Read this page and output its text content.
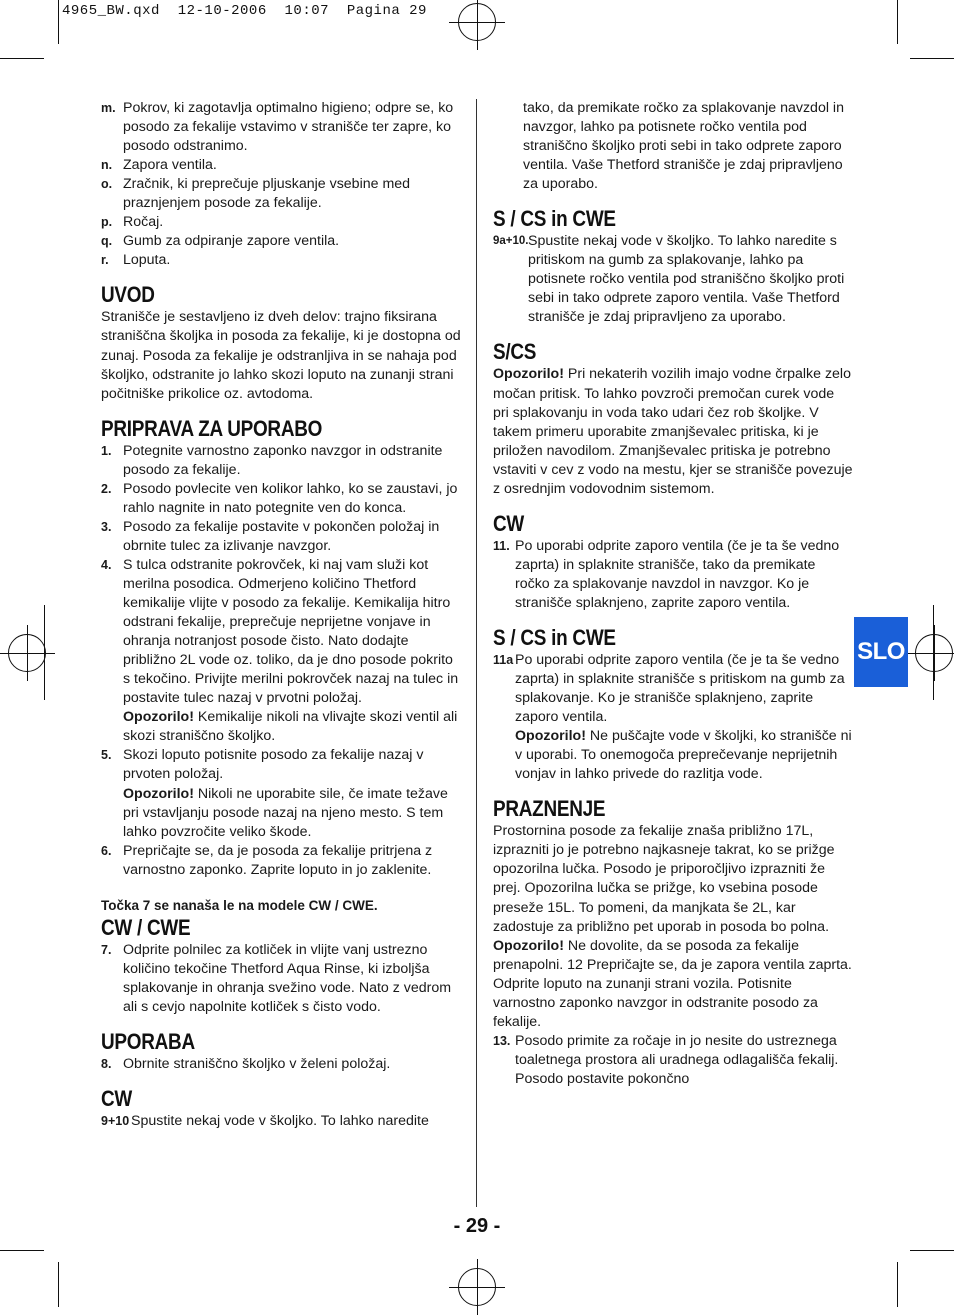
4965_BW.qxd  12-10-2006  10:07  Pagina 29
SLO
m. Pokrov, ki zagotavlja optimalno higieno; odpre se, ko posodo za fekalije vstavimo v stranišče ter zapre, ko posodo odstranimo.
n. Zapora ventila.
o. Zračnik, ki preprečuje pljuskanje vsebine med praznjenjem posode za fekalije.
p. Ročaj.
q. Gumb za odpiranje zapore ventila.
r. Loputa.
UVOD

Stranišče je sestavljeno iz dveh delov: trajno fiksirana straniščna školjka in posoda za fekalije, ki je dostopna od zunaj. Posoda za fekalije je odstranljiva in se nahaja pod školjko, odstranite jo lahko skozi loputo na zunanji strani počitniške prikolice oz. avtodoma.

PRIPRAVA ZA UPORABO
1. Potegnite varnostno zaponko navzgor in odstranite posodo za fekalije.
2. Posodo povlecite ven kolikor lahko, ko se zaustavi, jo rahlo nagnite in nato potegnite ven do konca.
3. Posodo za fekalije postavite v pokončen položaj in obrnite tulec za izlivanje navzgor.
4. S tulca odstranite pokrovček, ki naj vam služi kot merilna posodica. Odmerjeno količino Thetford kemikalije vlijte v posodo za fekalije. Kemikalija hitro odstrani fekalije, preprečuje neprijetne vonjave in ohranja notranjost posode čisto. Nato dodajte približno 2L vode oz. toliko, da je dno posode pokrito s tekočino. Privijte merilni pokrovček nazaj na tulec in postavite tulec nazaj v prvotni položaj.
Opozorilo! Kemikalije nikoli na vlivajte skozi ventil ali skozi straniščno školjko.
5. Skozi loputo potisnite posodo za fekalije nazaj v prvoten položaj.
Opozorilo! Nikoli ne uporabite sile, če imate težave pri vstavljanju posode nazaj na njeno mesto. S tem lahko povzročite veliko škode.
6. Prepričajte se, da je posoda za fekalije pritrjena z varnostno zaponko. Zaprite loputo in jo zaklenite.
Točka 7 se nanaša le na modele CW / CWE.
CW / CWE
7. Odprite polnilec za kotliček in vlijte vanj ustrezno količino tekočine Thetford Aqua Rinse, ki izboljša splakovanje in ohranja svežino vode. Nato z vedrom ali s cevjo napolnite kotliček s čisto vodo.
UPORABA
8. Obrnite straniščno školjko v želeni položaj.
CW
9+10 Spustite nekaj vode v školjko. To lahko naredite
tako, da premikate ročko za splakovanje navzdol in navzgor, lahko pa potisnete ročko ventila pod straniščno školjko proti sebi in tako odprete zaporo ventila. Vaše Thetford stranišče je zdaj pripravljeno za uporabo.
S / CS in CWE
9a+10. Spustite nekaj vode v školjko. To lahko naredite s pritiskom na gumb za splakovanje, lahko pa potisnete ročko ventila pod straniščno školjko proti sebi in tako odprete zaporo ventila. Vaše Thetford stranišče je zdaj pripravljeno za uporabo.
S/CS

Opozorilo! Pri nekaterih vozilih imajo vodne črpalke zelo močan pritisk. To lahko povzroči premočan curek vode pri splakovanju in voda tako udari čez rob školjke. V takem primeru uporabite zmanjševalec pritiska, ki je priložen navodilom. Zmanjševalec pritiska je potrebno vstaviti v cev z vodo na mestu, kjer se stranišče povezuje z osrednjim vodovodnim sistemom.

CW
11. Po uporabi odprite zaporo ventila (če je ta še vedno zaprta) in splaknite stranišče, tako da premikate ročko za splakovanje navzdol in navzgor. Ko je stranišče splaknjeno, zaprite zaporo ventila.
S / CS in CWE
11a Po uporabi odprite zaporo ventila (če je ta še vedno zaprta) in splaknite stranišče s pritiskom na gumb za splakovanje. Ko je stranišče splaknjeno, zaprite zaporo ventila.
Opozorilo! Ne puščajte vode v školjki, ko stranišče ni v uporabi. To onemogoča preprečevanje neprijetnih vonjav in lahko privede do razlitja vode.
PRAZNENJE

Prostornina posode za fekalije znaša približno 17L, izprazniti jo je potrebno najkasneje takrat, ko se prižge opozorilna lučka. Posodo je priporočljivo izprazniti že prej. Opozorilna lučka se prižge, ko vsebina posode preseže 15L. To pomeni, da manjkata še 2L, kar zadostuje za približno pet uporab in posoda bo polna.

Opozorilo! Ne dovolite, da se posoda za fekalije prenapolni. 12 Prepričajte se, da je zapora ventila zaprta. Odprite loputo na zunanji strani vozila. Potisnite varnostno zaponko navzgor in odstranite posodo za fekalije.

13. Posodo primite za ročaje in jo nesite do ustreznega toaletnega prostora ali uradnega odlagališča fekalij. Posodo postavite pokončno
- 29 -
